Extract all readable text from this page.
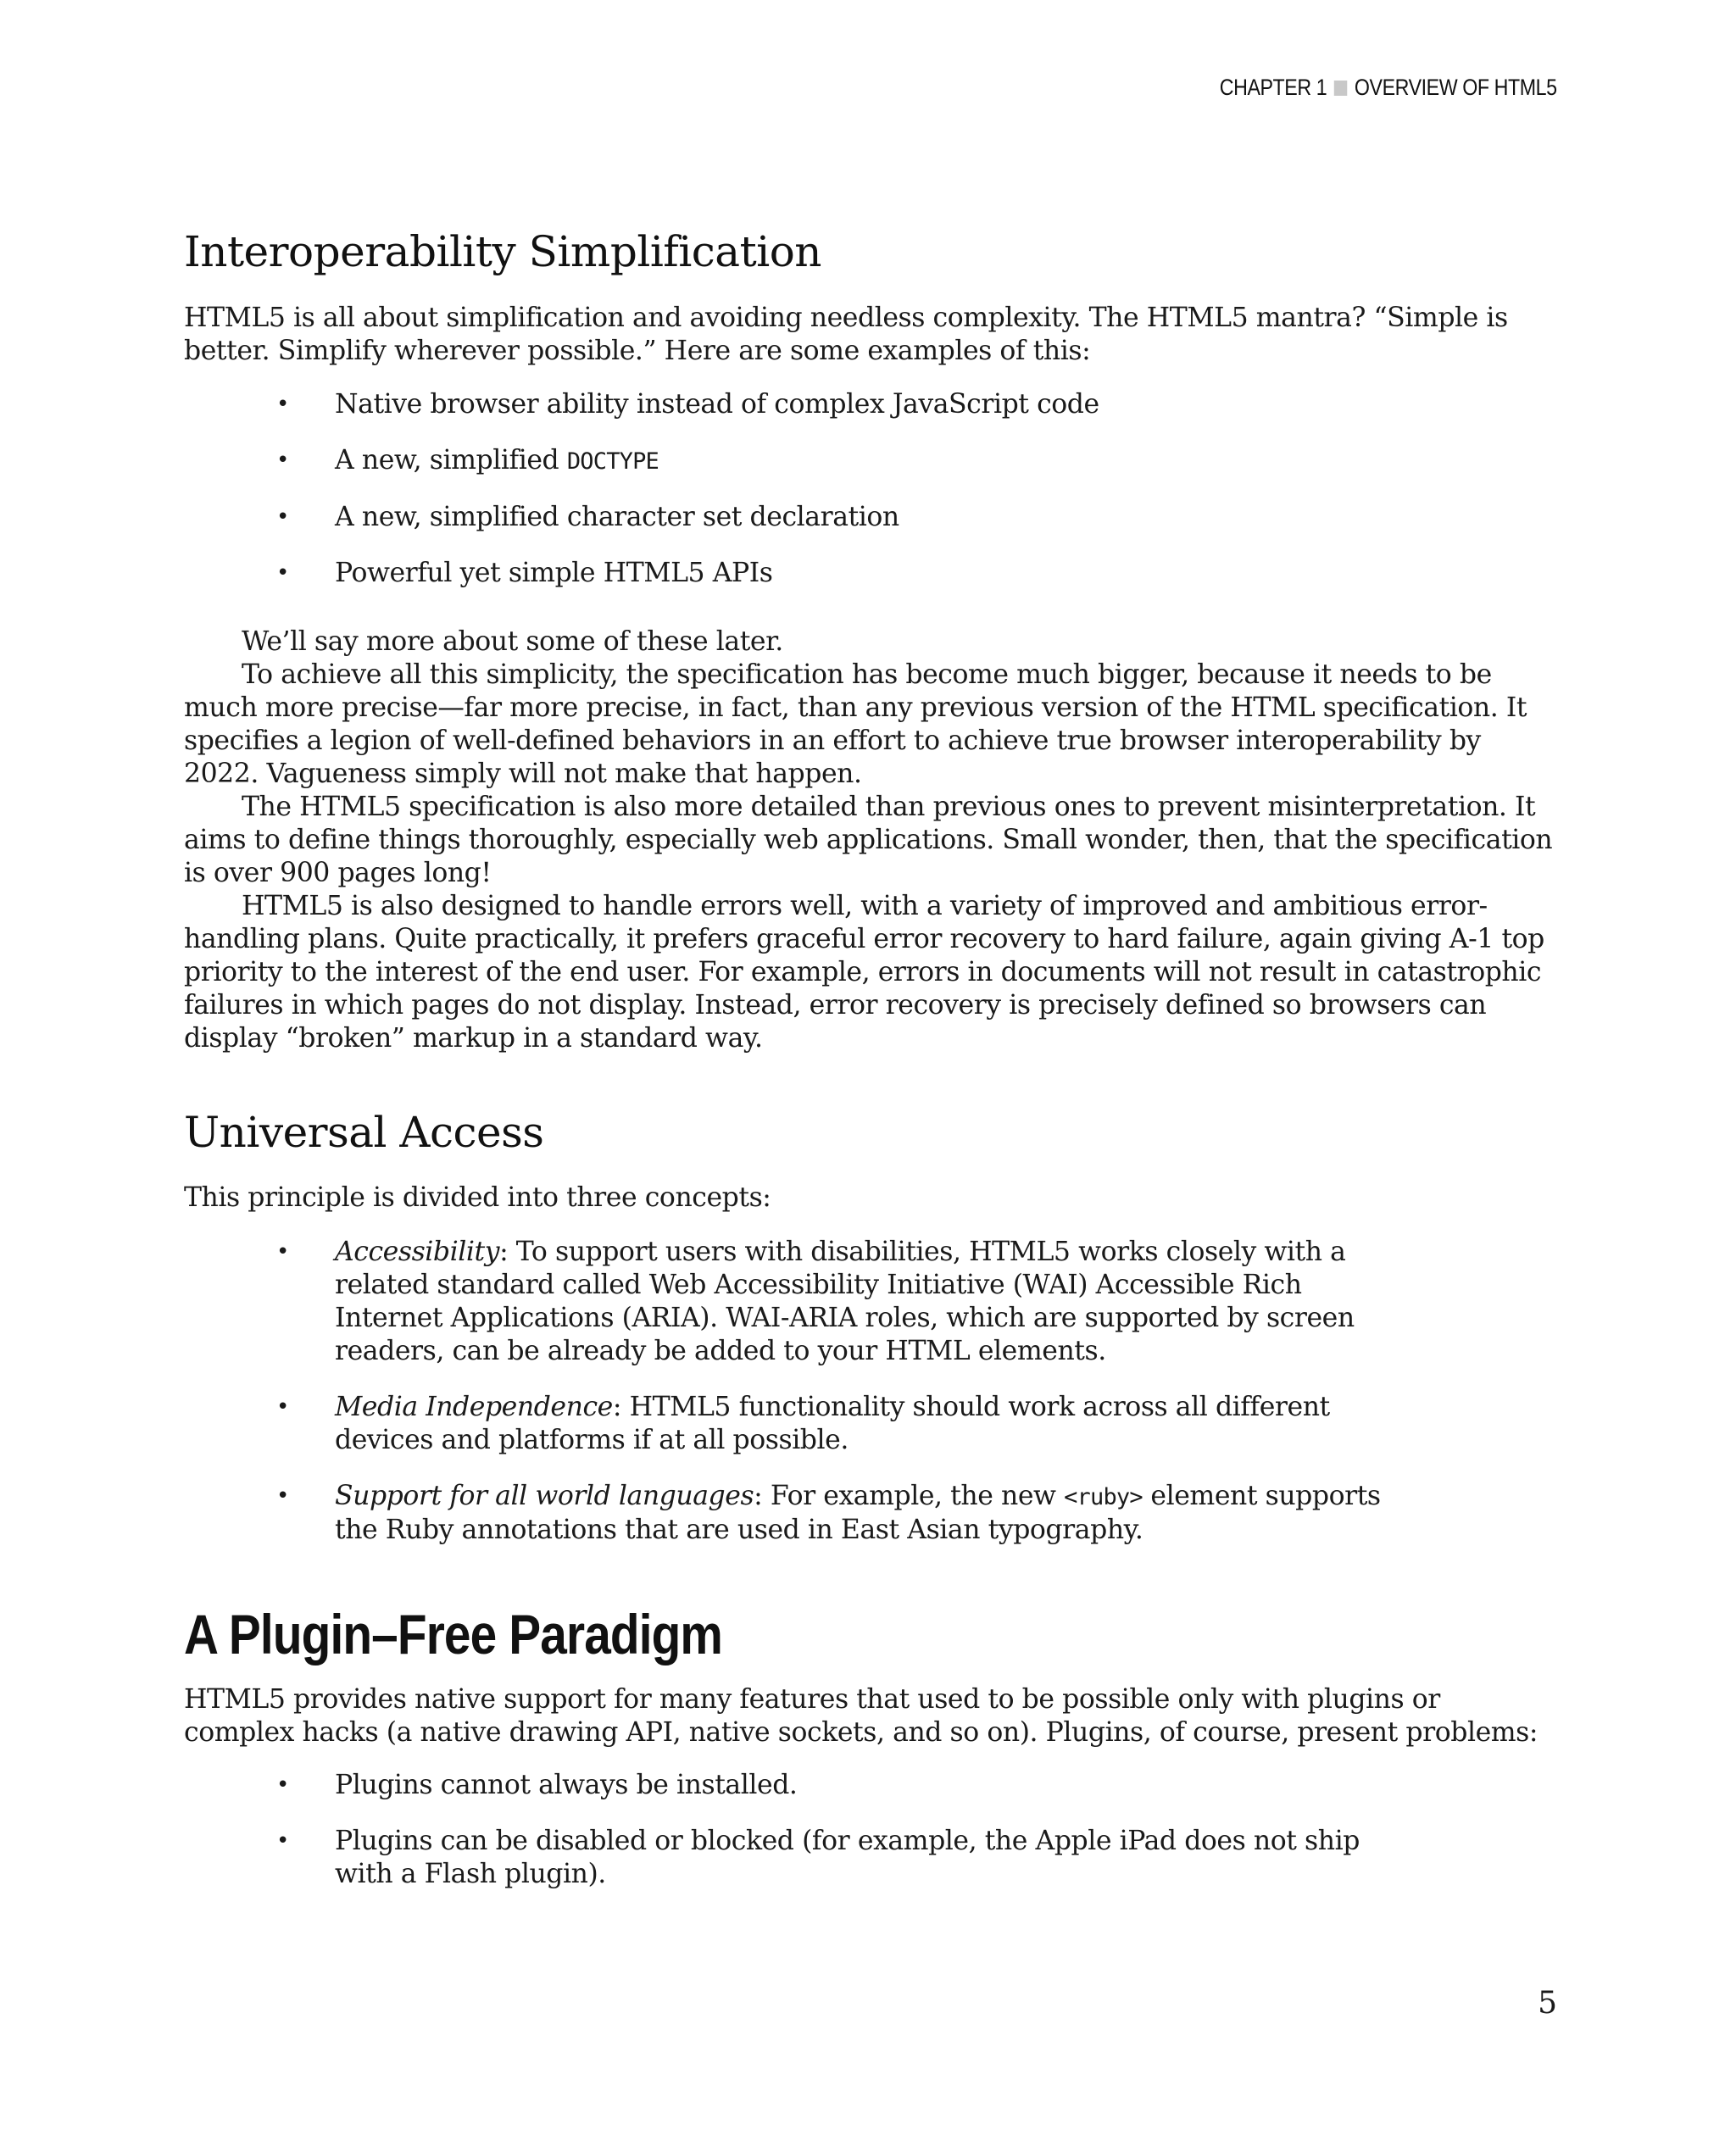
CHAPTER 1 OVERVIEW OF HTML5
Interoperability Simplification

HTML5 is all about simplification and avoiding needless complexity. The HTML5 mantra? “Simple is better. Simplify wherever possible.” Here are some examples of this:

• Native browser ability instead of complex JavaScript code
• A new, simplified DOCTYPE
• A new, simplified character set declaration
• Powerful yet simple HTML5 APIs

We’ll say more about some of these later.

To achieve all this simplicity, the specification has become much bigger, because it needs to be much more precise—far more precise, in fact, than any previous version of the HTML specification. It specifies a legion of well-defined behaviors in an effort to achieve true browser interoperability by 2022. Vagueness simply will not make that happen.

The HTML5 specification is also more detailed than previous ones to prevent misinterpretation. It aims to define things thoroughly, especially web applications. Small wonder, then, that the specification is over 900 pages long!

HTML5 is also designed to handle errors well, with a variety of improved and ambitious error-handling plans. Quite practically, it prefers graceful error recovery to hard failure, again giving A-1 top priority to the interest of the end user. For example, errors in documents will not result in catastrophic failures in which pages do not display. Instead, error recovery is precisely defined so browsers can display “broken” markup in a standard way.

Universal Access

This principle is divided into three concepts:

• Accessibility: To support users with disabilities, HTML5 works closely with a related standard called Web Accessibility Initiative (WAI) Accessible Rich Internet Applications (ARIA). WAI-ARIA roles, which are supported by screen readers, can be already be added to your HTML elements.
• Media Independence: HTML5 functionality should work across all different devices and platforms if at all possible.
• Support for all world languages: For example, the new <ruby> element supports the Ruby annotations that are used in East Asian typography.
A Plugin–Free Paradigm

HTML5 provides native support for many features that used to be possible only with plugins or complex hacks (a native drawing API, native sockets, and so on). Plugins, of course, present problems:

• Plugins cannot always be installed.
• Plugins can be disabled or blocked (for example, the Apple iPad does not ship with a Flash plugin).
5
